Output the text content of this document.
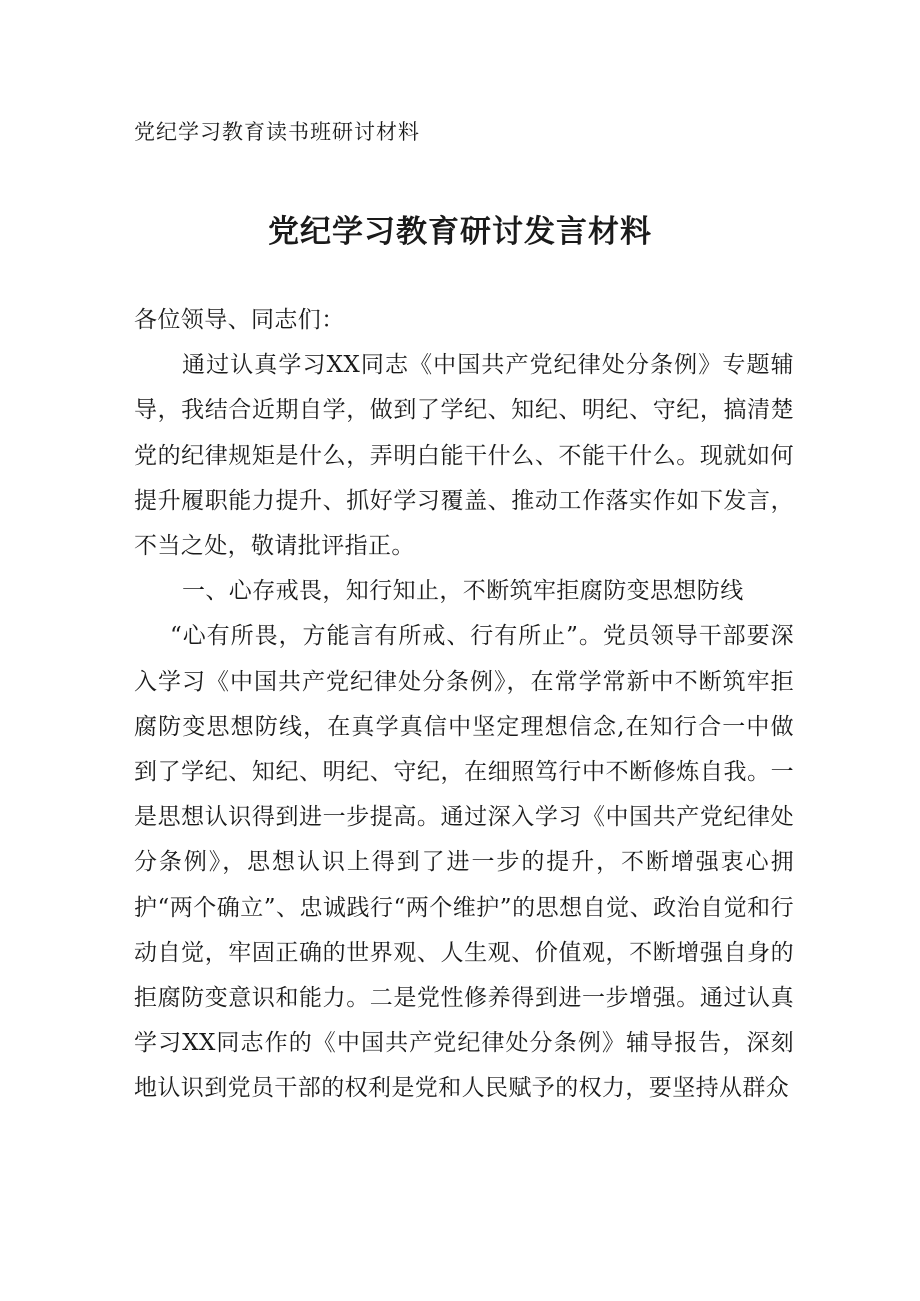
党纪学习教育读书班研讨材料
党纪学习教育研讨发言材料

各位领导、同志们：

通过认真学习XX同志《中国共产党纪律处分条例》专题辅导，我结合近期自学，做到了学纪、知纪、明纪、守纪，搞清楚党的纪律规矩是什么，弄明白能干什么、不能干什么。现就如何提升履职能力提升、抓好学习覆盖、推动工作落实作如下发言，不当之处，敬请批评指正。

一、心存戒畏，知行知止，不断筑牢拒腐防变思想防线

“心有所畏，方能言有所戒、行有所止”。党员领导干部要深入学习《中国共产党纪律处分条例》，在常学常新中不断筑牢拒腐防变思想防线，在真学真信中坚定理想信念,在知行合一中做到了学纪、知纪、明纪、守纪，在细照笃行中不断修炼自我。一是思想认识得到进一步提高。通过深入学习《中国共产党纪律处分条例》，思想认识上得到了进一步的提升，不断增强衷心拥护“两个确立”、忠诚践行“两个维护”的思想自觉、政治自觉和行动自觉，牢固正确的世界观、人生观、价值观，不断增强自身的拒腐防变意识和能力。二是党性修养得到进一步增强。通过认真学习XX同志作的《中国共产党纪律处分条例》辅导报告，深刻地认识到党员干部的权利是党和人民赋予的权力，要坚持从群众
